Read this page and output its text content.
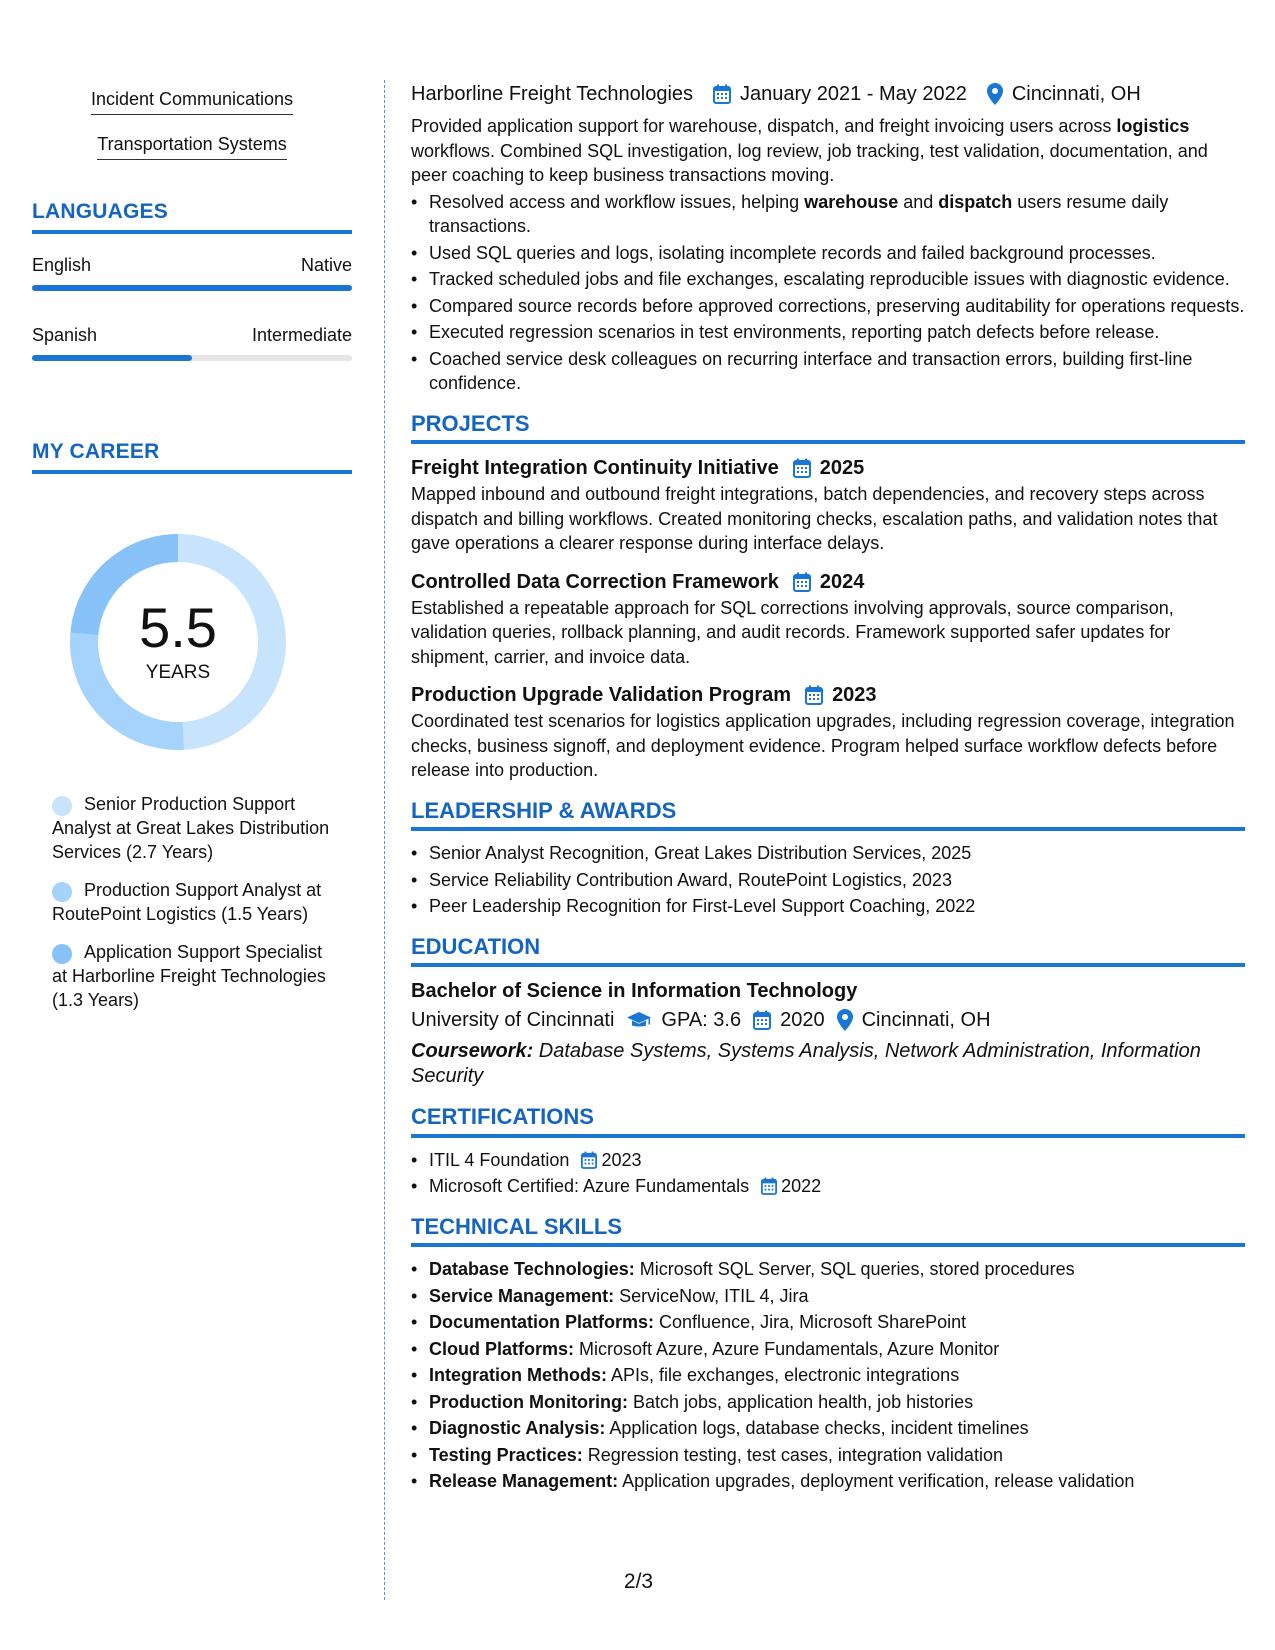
Incident Communications
Transportation Systems
LANGUAGES
English	Native
Spanish	Intermediate
MY CAREER
5.5
YEARS
Senior Production Support Analyst at Great Lakes Distribution Services (2.7 Years)
Production Support Analyst at RoutePoint Logistics (1.5 Years)
Application Support Specialist at Harborline Freight Technologies (1.3 Years)
Harborline Freight Technologies January 2021 - May 2022 Cincinnati, OH
Provided application support for warehouse, dispatch, and freight invoicing users across logistics workflows. Combined SQL investigation, log review, job tracking, test validation, documentation, and peer coaching to keep business transactions moving.
• Resolved access and workflow issues, helping warehouse and dispatch users resume daily transactions.
• Used SQL queries and logs, isolating incomplete records and failed background processes.
• Tracked scheduled jobs and file exchanges, escalating reproducible issues with diagnostic evidence.
• Compared source records before approved corrections, preserving auditability for operations requests.
• Executed regression scenarios in test environments, reporting patch defects before release.
• Coached service desk colleagues on recurring interface and transaction errors, building first-line confidence.
PROJECTS
Freight Integration Continuity Initiative 2025
Mapped inbound and outbound freight integrations, batch dependencies, and recovery steps across dispatch and billing workflows. Created monitoring checks, escalation paths, and validation notes that gave operations a clearer response during interface delays.
Controlled Data Correction Framework 2024
Established a repeatable approach for SQL corrections involving approvals, source comparison, validation queries, rollback planning, and audit records. Framework supported safer updates for shipment, carrier, and invoice data.
Production Upgrade Validation Program 2023
Coordinated test scenarios for logistics application upgrades, including regression coverage, integration checks, business signoff, and deployment evidence. Program helped surface workflow defects before release into production.
LEADERSHIP & AWARDS
• Senior Analyst Recognition, Great Lakes Distribution Services, 2025
• Service Reliability Contribution Award, RoutePoint Logistics, 2023
• Peer Leadership Recognition for First-Level Support Coaching, 2022
EDUCATION
Bachelor of Science in Information Technology
University of Cincinnati GPA: 3.6 2020 Cincinnati, OH
Coursework: Database Systems, Systems Analysis, Network Administration, Information Security
CERTIFICATIONS
• ITIL 4 Foundation 2023
• Microsoft Certified: Azure Fundamentals 2022
TECHNICAL SKILLS
• Database Technologies: Microsoft SQL Server, SQL queries, stored procedures
• Service Management: ServiceNow, ITIL 4, Jira
• Documentation Platforms: Confluence, Jira, Microsoft SharePoint
• Cloud Platforms: Microsoft Azure, Azure Fundamentals, Azure Monitor
• Integration Methods: APIs, file exchanges, electronic integrations
• Production Monitoring: Batch jobs, application health, job histories
• Diagnostic Analysis: Application logs, database checks, incident timelines
• Testing Practices: Regression testing, test cases, integration validation
• Release Management: Application upgrades, deployment verification, release validation
2/3
